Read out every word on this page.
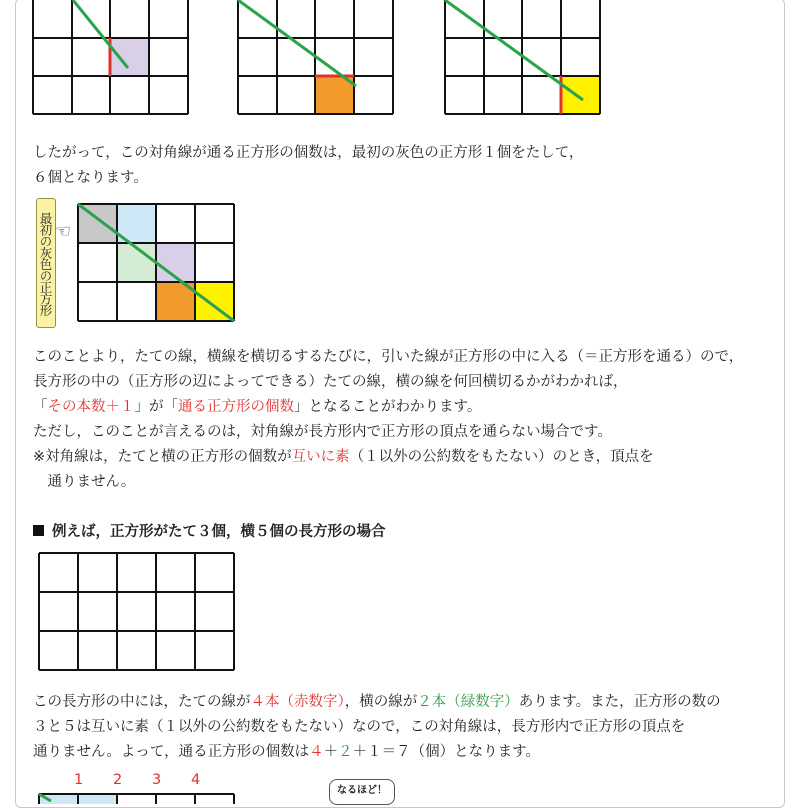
したがって，この対角線が通る正方形の個数は，最初の灰色の正方形１個をたして，
６個となります。
最初の灰色の正方形 ☜
このことより，たての線，横線を横切るするたびに，引いた線が正方形の中に入る（＝正方形を通る）ので，
長方形の中の（正方形の辺によってできる）たての線，横の線を何回横切るかがわかれば，
「その本数＋１」が「通る正方形の個数」となることがわかります。
ただし，このことが言えるのは，対角線が長方形内で正方形の頂点を通らない場合です。
※対角線は，たてと横の正方形の個数が互いに素（１以外の公約数をもたない）のとき，頂点を
　通りません。
例えば，正方形がたて３個，横５個の長方形の場合
この長方形の中には，たての線が４本（赤数字），横の線が２本（緑数字）あります。また，正方形の数の
３と５は互いに素（１以外の公約数をもたない）なので，この対角線は，長方形内で正方形の頂点を
通りません。よって，通る正方形の個数は４＋２＋１＝７（個）となります。
1 2 3 4
なるほど！
